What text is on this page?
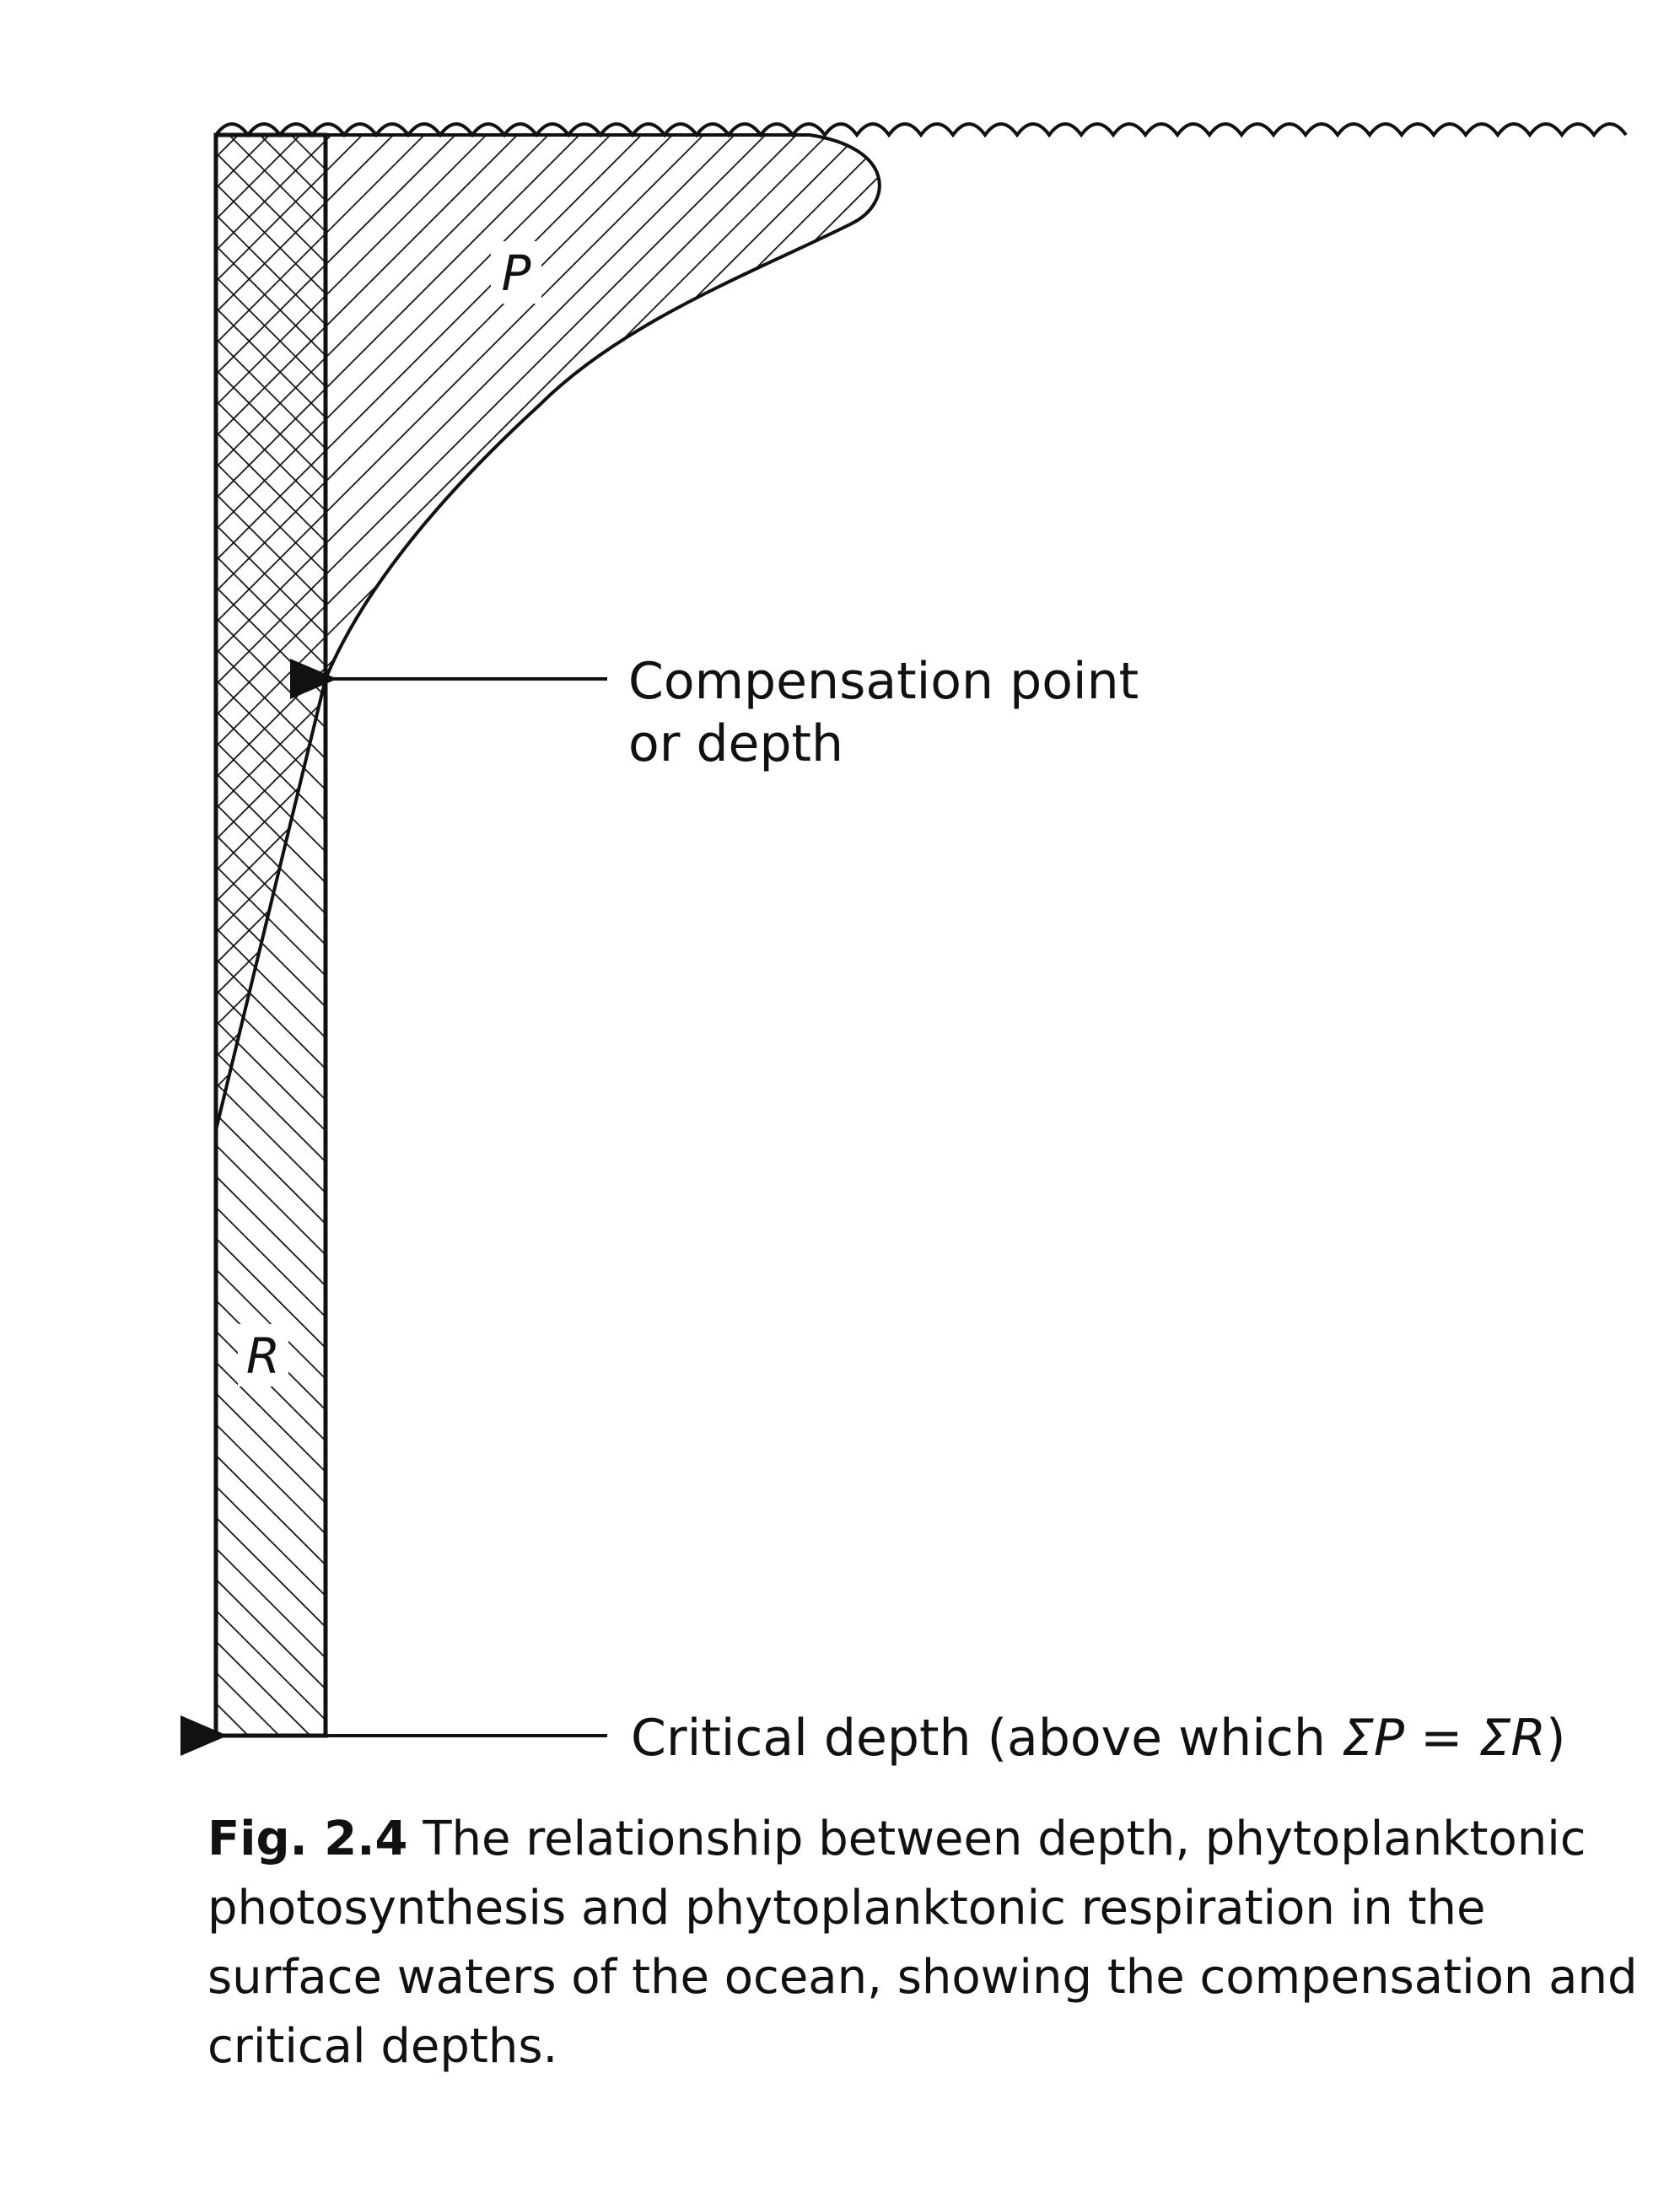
P
R
Compensation point
or depth
Critical depth (above which ΣP = ΣR)
Fig. 2.4 The relationship between depth, phytoplanktonic photosynthesis and phytoplanktonic respiration in the surface waters of the ocean, showing the compensation and critical depths.
